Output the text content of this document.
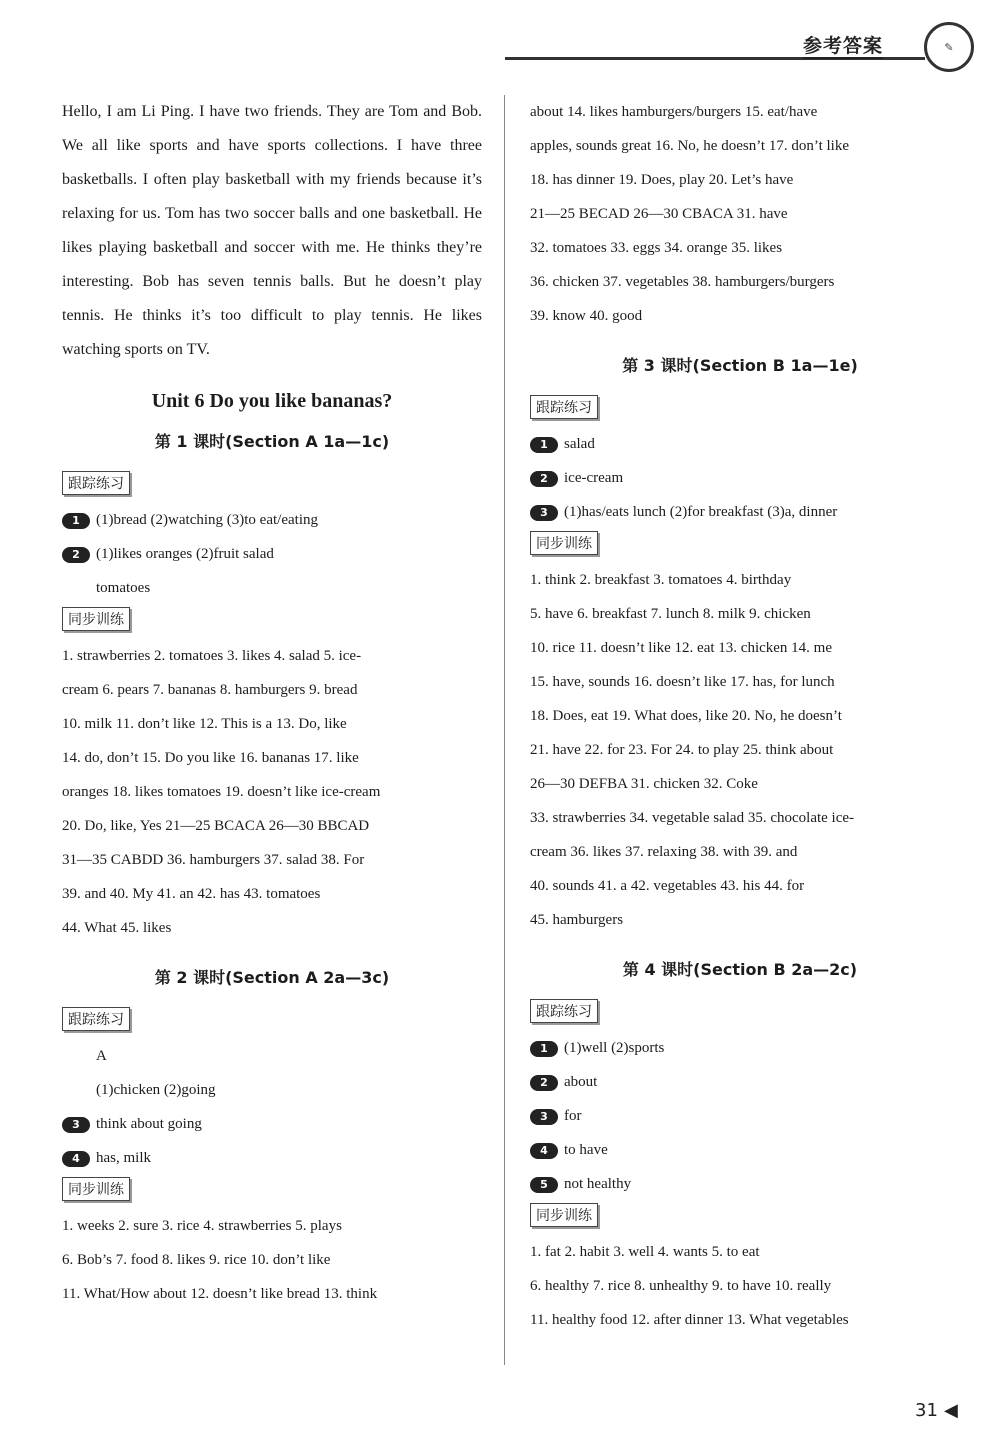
参考答案	✎

Hello, I am Li Ping. I have two friends. They are Tom and Bob. We all like sports and have sports collections. I have three basketballs. I often play basketball with my friends because it’s relaxing for us. Tom has two soccer balls and one basketball. He likes playing basketball and soccer with me. He thinks they’re interesting. Bob has seven tennis balls. But he doesn’t play tennis. He thinks it’s too difficult to play tennis. He likes watching sports on TV.

Unit 6 Do you like bananas?
第 1 课时(Section A 1a—1c)
跟踪练习
1 (1)bread (2)watching (3)to eat/eating
2 (1)likes oranges (2)fruit salad
tomatoes
同步训练
1. strawberries 2. tomatoes 3. likes 4. salad 5. ice-
cream 6. pears 7. bananas 8. hamburgers 9. bread
10. milk 11. don’t like 12. This is a 13. Do, like
14. do, don’t 15. Do you like 16. bananas 17. like
oranges 18. likes tomatoes 19. doesn’t like ice-cream
20. Do, like, Yes 21—25 BCACA 26—30 BBCAD
31—35 CABDD 36. hamburgers 37. salad 38. For
39. and 40. My 41. an 42. has 43. tomatoes
44. What 45. likes
第 2 课时(Section A 2a—3c)
跟踪练习
A
(1)chicken (2)going
3 think about going
4 has, milk
同步训练
1. weeks 2. sure 3. rice 4. strawberries 5. plays
6. Bob’s 7. food 8. likes 9. rice 10. don’t like
11. What/How about 12. doesn’t like bread 13. think
about 14. likes hamburgers/burgers 15. eat/have
apples, sounds great 16. No, he doesn’t 17. don’t like
18. has dinner 19. Does, play 20. Let’s have
21—25 BECAD 26—30 CBACA 31. have
32. tomatoes 33. eggs 34. orange 35. likes
36. chicken 37. vegetables 38. hamburgers/burgers
39. know 40. good
第 3 课时(Section B 1a—1e)
跟踪练习
1 salad
2 ice-cream
3 (1)has/eats lunch (2)for breakfast (3)a, dinner
同步训练
1. think 2. breakfast 3. tomatoes 4. birthday
5. have 6. breakfast 7. lunch 8. milk 9. chicken
10. rice 11. doesn’t like 12. eat 13. chicken 14. me
15. have, sounds 16. doesn’t like 17. has, for lunch
18. Does, eat 19. What does, like 20. No, he doesn’t
21. have 22. for 23. For 24. to play 25. think about
26—30 DEFBA 31. chicken 32. Coke
33. strawberries 34. vegetable salad 35. chocolate ice-
cream 36. likes 37. relaxing 38. with 39. and
40. sounds 41. a 42. vegetables 43. his 44. for
45. hamburgers
第 4 课时(Section B 2a—2c)
跟踪练习
1 (1)well (2)sports
2 about
3 for
4 to have
5 not healthy
同步训练
1. fat 2. habit 3. well 4. wants 5. to eat
6. healthy 7. rice 8. unhealthy 9. to have 10. really
11. healthy food 12. after dinner 13. What vegetables
31 ◀
